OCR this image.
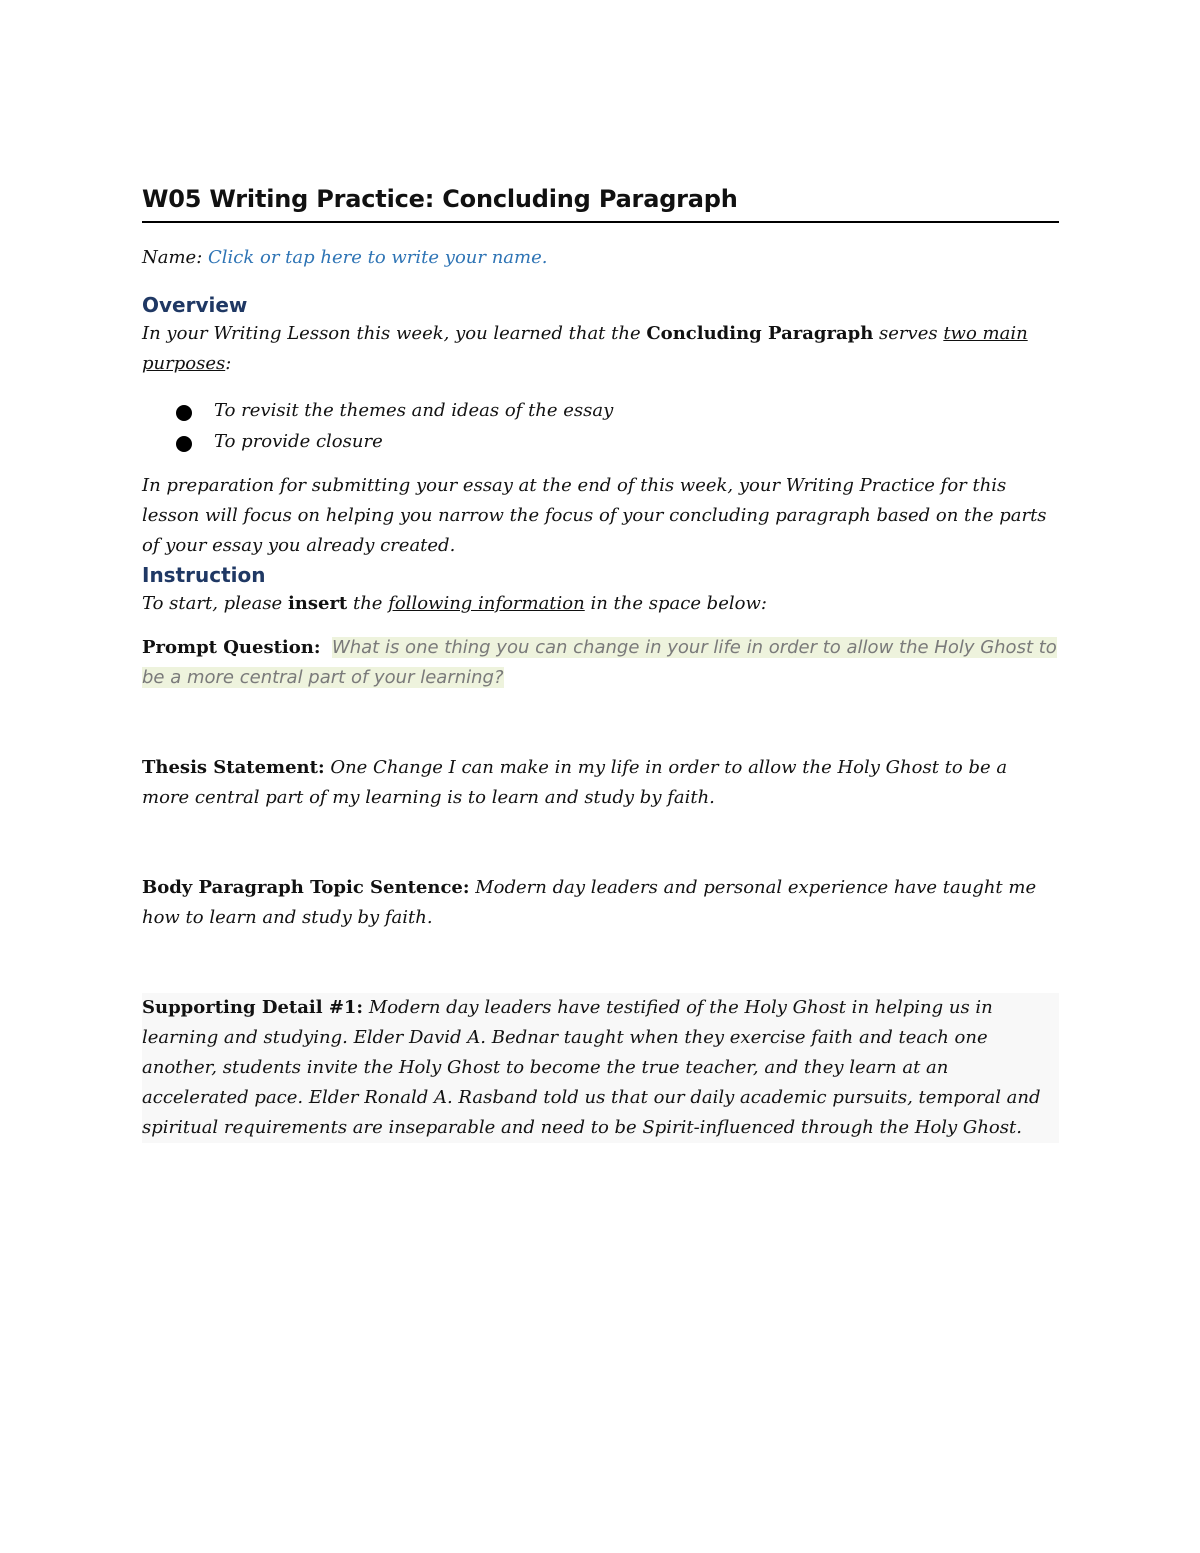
W05 Writing Practice: Concluding Paragraph

Name: Click or tap here to write your name.

Overview

In your Writing Lesson this week, you learned that the Concluding Paragraph serves two main purposes:

To revisit the themes and ideas of the essay
To provide closure

In preparation for submitting your essay at the end of this week, your Writing Practice for this lesson will focus on helping you narrow the focus of your concluding paragraph based on the parts of your essay you already created.

Instruction

To start, please insert the following information in the space below:

Prompt Question: What is one thing you can change in your life in order to allow the Holy Ghost to be a more central part of your learning?

Thesis Statement: One Change I can make in my life in order to allow the Holy Ghost to be a more central part of my learning is to learn and study by faith.

Body Paragraph Topic Sentence: Modern day leaders and personal experience have taught me how to learn and study by faith.

Supporting Detail #1: Modern day leaders have testified of the Holy Ghost in helping us in learning and studying. Elder David A. Bednar taught when they exercise faith and teach one another, students invite the Holy Ghost to become the true teacher, and they learn at an accelerated pace. Elder Ronald A. Rasband told us that our daily academic pursuits, temporal and spiritual requirements are inseparable and need to be Spirit-influenced through the Holy Ghost.
